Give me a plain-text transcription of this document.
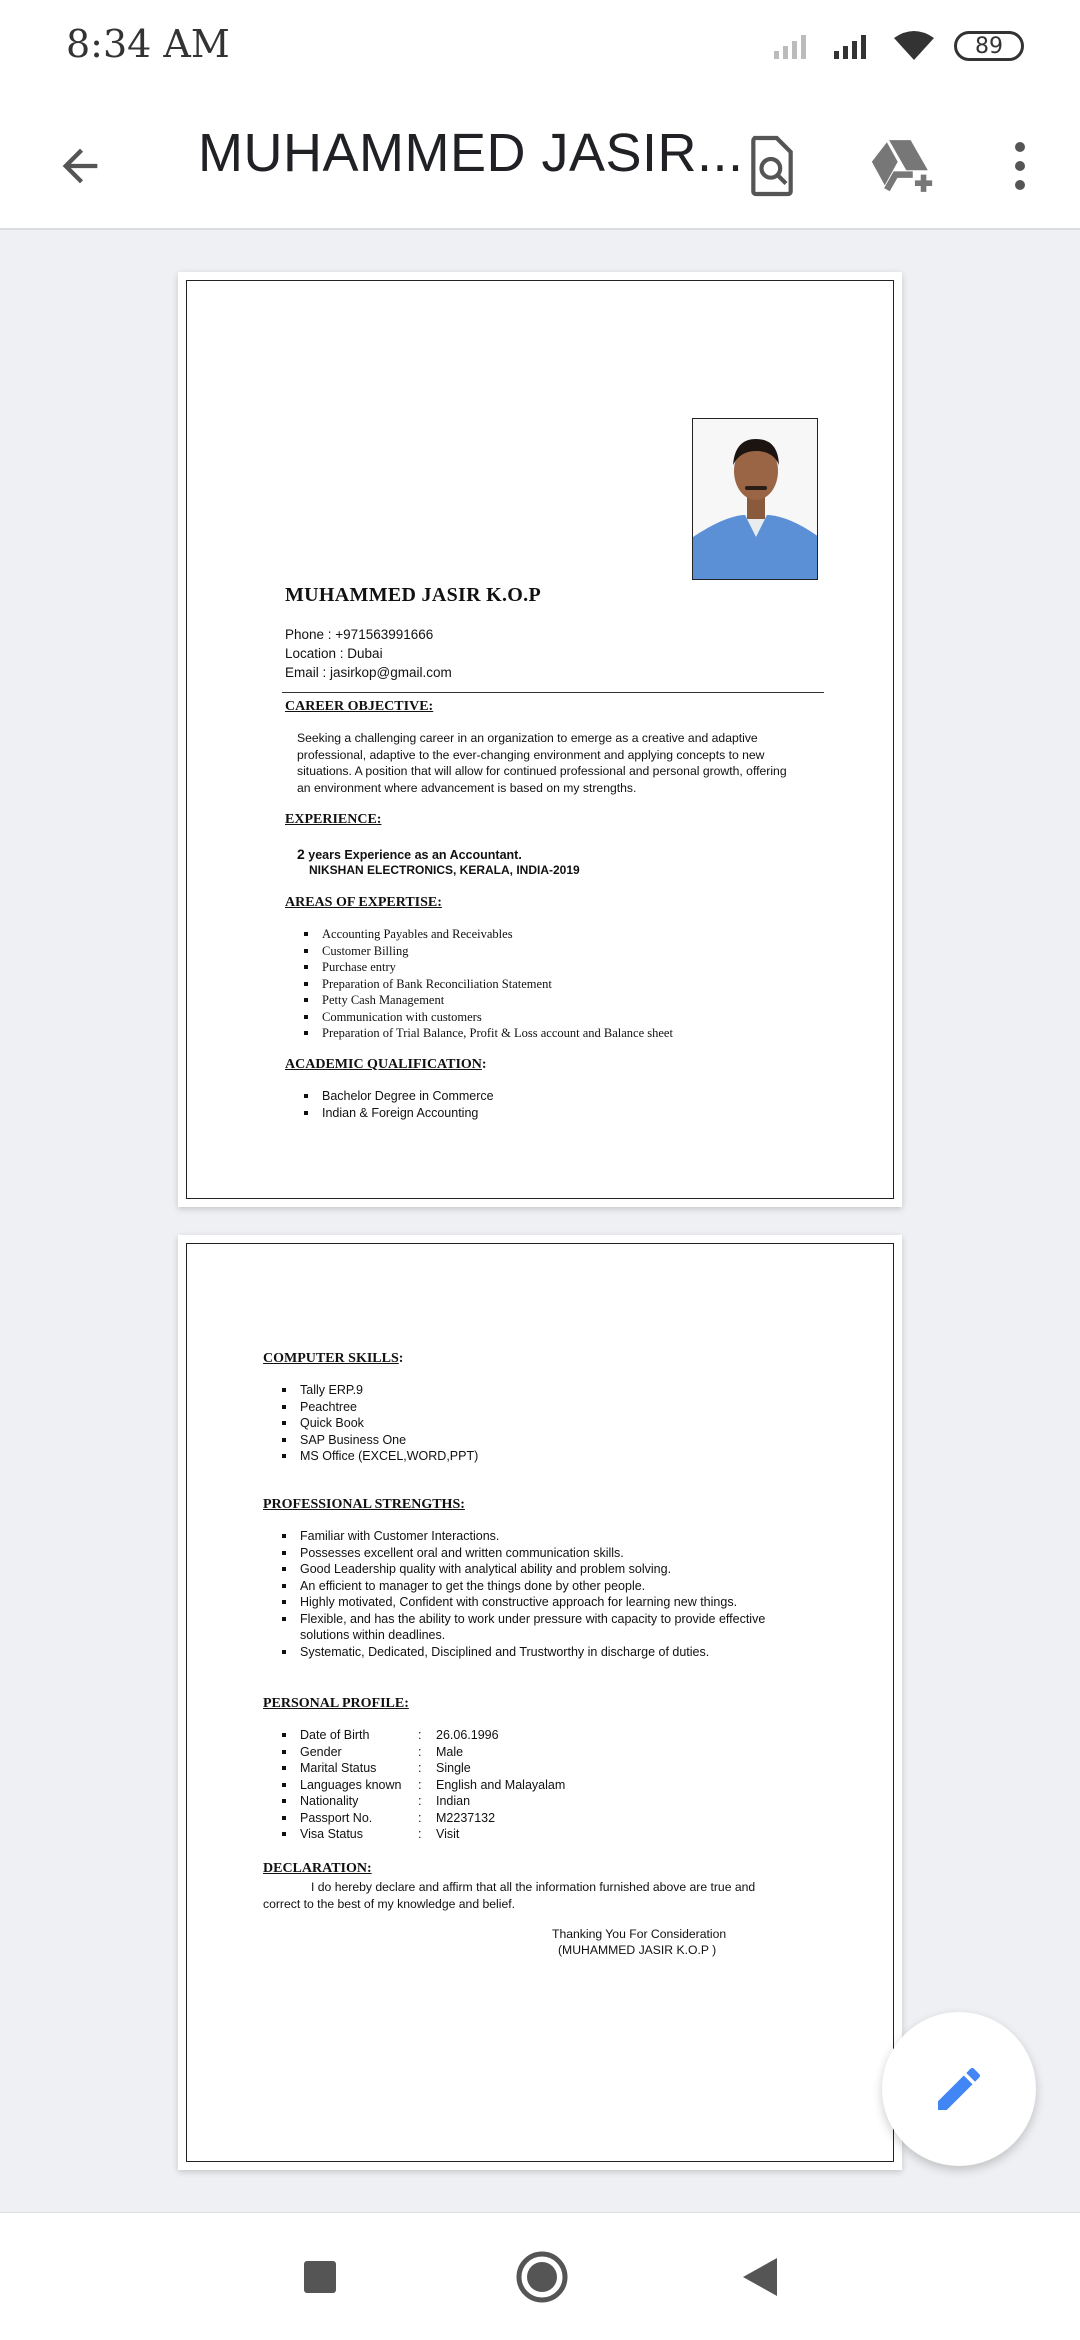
8:34 AM	89
MUHAMMED JASIR...
MUHAMMED JASIR K.O.P
Phone : +971563991666
Location : Dubai
Email : jasirkop@gmail.com
CAREER OBJECTIVE:
Seeking a challenging career in an organization to emerge as a creative and adaptive professional, adaptive to the ever-changing environment and applying concepts to new situations. A position that will allow for continued professional and personal growth, offering an environment where advancement is based on my strengths.
EXPERIENCE:
2 years Experience as an Accountant.
NIKSHAN ELECTRONICS, KERALA, INDIA-2019
AREAS OF EXPERTISE:
Accounting Payables and Receivables
Customer Billing
Purchase entry
Preparation of Bank Reconciliation Statement
Petty Cash Management
Communication with customers
Preparation of Trial Balance, Profit & Loss account and Balance sheet
ACADEMIC QUALIFICATION:
Bachelor Degree in Commerce
Indian & Foreign Accounting
COMPUTER SKILLS:
Tally ERP.9
Peachtree
Quick Book
SAP Business One
MS Office (EXCEL,WORD,PPT)
PROFESSIONAL STRENGTHS:
Familiar with Customer Interactions.
Possesses excellent oral and written communication skills.
Good Leadership quality with analytical ability and problem solving.
An efficient to manager to get the things done by other people.
Highly motivated, Confident with constructive approach for learning new things.
Flexible, and has the ability to work under pressure with capacity to provide effective solutions within deadlines.
Systematic, Dedicated, Disciplined and Trustworthy in discharge of duties.
PERSONAL PROFILE:
Date of Birth	:	26.06.1996
Gender	:	Male
Marital Status	:	Single
Languages known	:	English and Malayalam
Nationality	:	Indian
Passport No.	:	M2237132
Visa Status	:	Visit
DECLARATION:
I do hereby declare and affirm that all the information furnished above are true and correct to the best of my knowledge and belief.
Thanking You For Consideration
(MUHAMMED JASIR K.O.P )
